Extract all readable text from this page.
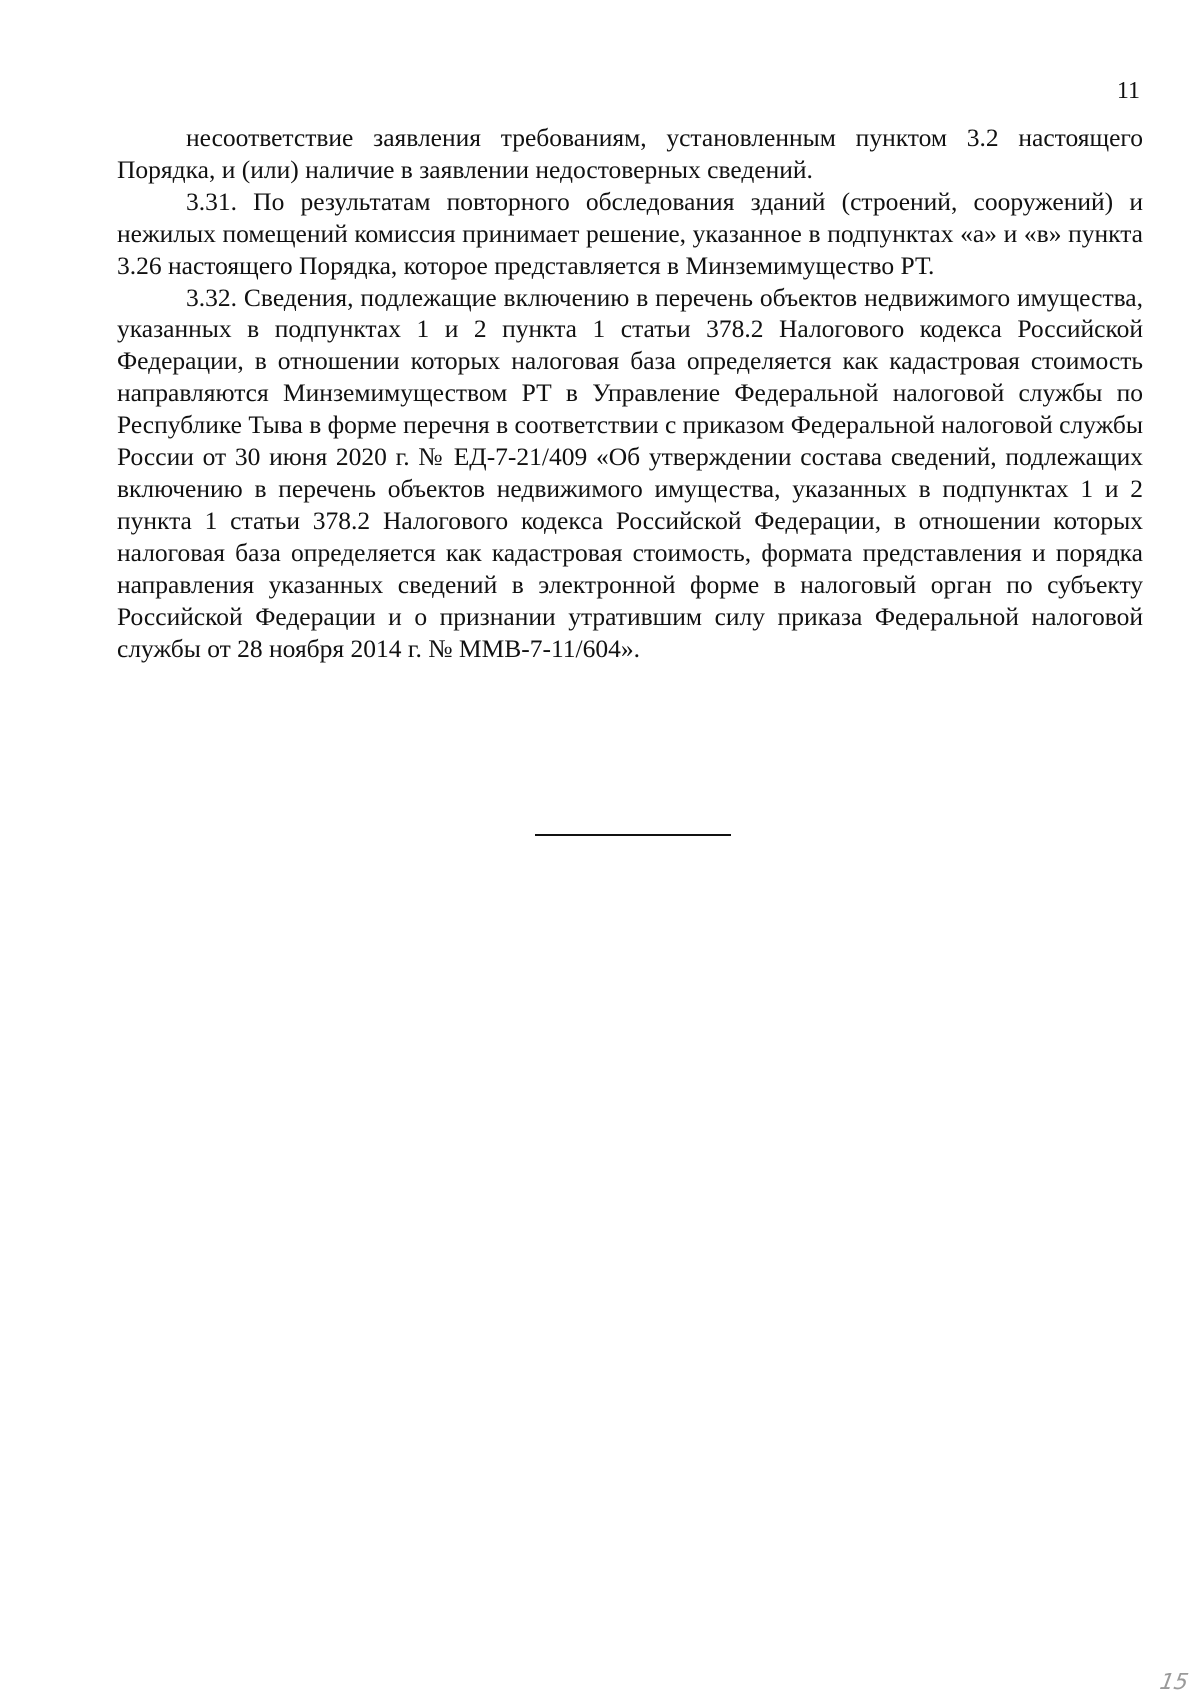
11

несоответствие заявления требованиям, установленным пунктом 3.2 настоящего Порядка, и (или) наличие в заявлении недостоверных сведений.

3.31. По результатам повторного обследования зданий (строений, сооружений) и нежилых помещений комиссия принимает решение, указанное в подпунктах «а» и «в» пункта 3.26 настоящего Порядка, которое представляется в Минземимущество РТ.

3.32. Сведения, подлежащие включению в перечень объектов недвижимого имущества, указанных в подпунктах 1 и 2 пункта 1 статьи 378.2 Налогового кодекса Российской Федерации, в отношении которых налоговая база определяется как кадастровая стоимость направляются Минземимуществом РТ в Управление Федеральной налоговой службы по Республике Тыва в форме перечня в соответствии с приказом Федеральной налоговой службы России от 30 июня 2020 г. № ЕД-7-21/409 «Об утверждении состава сведений, подлежащих включению в перечень объектов недвижимого имущества, указанных в подпунктах 1 и 2 пункта 1 статьи 378.2 Налогового кодекса Российской Федерации, в отношении которых налоговая база определяется как кадастровая стоимость, формата представления и порядка направления указанных сведений в электронной форме в налоговый орган по субъекту Российской Федерации и о признании утратившим силу приказа Федеральной налоговой службы от 28 ноября 2014 г. № ММВ-7-11/604».

15
